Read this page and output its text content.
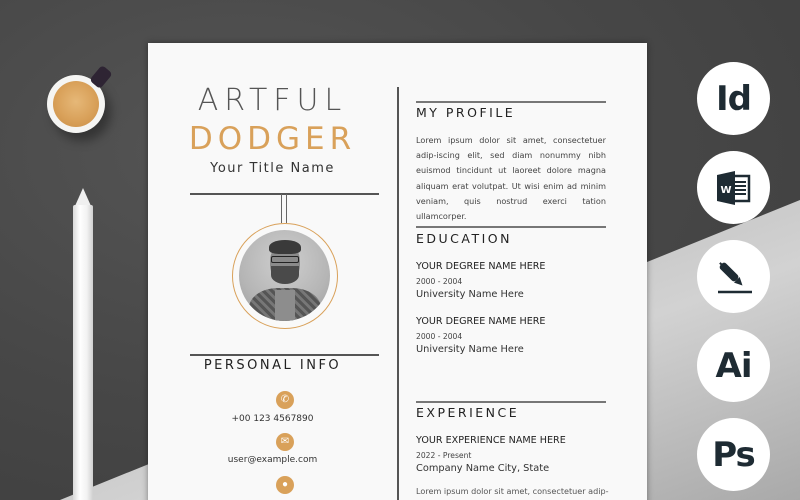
ARTFUL
DODGER
Your Title Name
PERSONAL INFO
✆
+00 123 4567890
✉
user@example.com
●
MY PROFILE
Lorem ipsum dolor sit amet, consectetuer adip-iscing elit, sed diam nonummy nibh euismod tincidunt ut laoreet dolore magna aliquam erat volutpat. Ut wisi enim ad minim veniam, quis nostrud exerci tation ullamcorper.
EDUCATION
YOUR DEGREE NAME HERE
2000 - 2004
University Name Here
YOUR DEGREE NAME HERE
2000 - 2004
University Name Here
EXPERIENCE
YOUR EXPERIENCE NAME HERE
2022 - Present
Company Name City, State
Lorem ipsum dolor sit amet, consectetuer adip-
Id
W
Ai
Ps
